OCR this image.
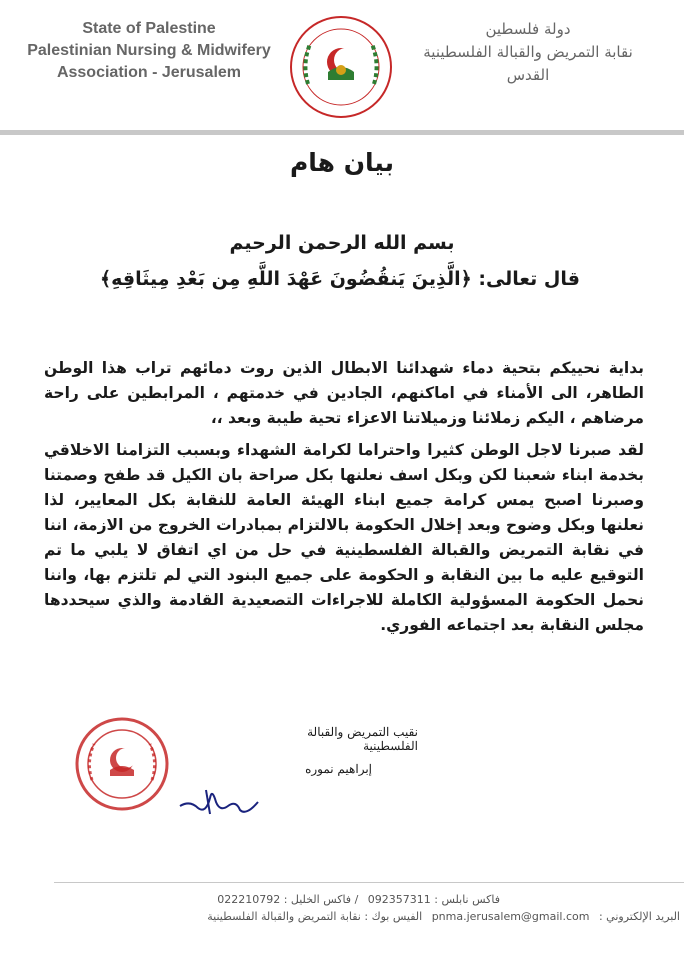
State of Palestine
Palestinian Nursing & Midwifery
Association - Jerusalem
دولة فلسطين
نقابة التمريض والقبالة الفلسطينية
القدس
بيان هام
بسم الله الرحمن الرحيم
قال تعالى: ﴿الَّذِينَ يَنقُضُونَ عَهْدَ اللَّهِ مِن بَعْدِ مِيثَاقِهِ﴾
بداية نحييكم بتحية دماء شهدائنا الابطال الذين روت دمائهم تراب هذا الوطن الطاهر، الى الأمناء في اماكنهم، الجادين في خدمتهم ، المرابطين على راحة مرضاهم ، اليكم زملائنا وزميلاتنا الاعزاء تحية طيبة وبعد ،،
لقد صبرنا لاجل الوطن كثيرا واحتراما لكرامة الشهداء وبسبب التزامنا الاخلاقي بخدمة ابناء شعبنا لكن وبكل اسف نعلنها بكل صراحة بان الكيل قد طفح وصمتنا وصبرنا اصبح يمس كرامة جميع ابناء الهيئة العامة للنقابة بكل المعايير، لذا نعلنها وبكل وضوح وبعد إخلال الحكومة بالالتزام بمبادرات الخروج من الازمة، اننا في نقابة التمريض والقبالة الفلسطينية في حل من اي اتفاق لا يلبي ما تم التوقيع عليه ما بين النقابة و الحكومة على جميع البنود التي لم تلتزم بها، واننا نحمل الحكومة المسؤولية الكاملة للاجراءات التصعيدية القادمة والذي سيحددها مجلس النقابة بعد اجتماعه الفوري.
نقيب التمريض والقبالة الفلسطينية
إبراهيم نموره
فاكس نابلس : 092357311 / فاكس الخليل : 022210792
البريد الإلكتروني : pnma.jerusalem@gmail.com الفيس بوك : نقابة التمريض والقبالة الفلسطينية
